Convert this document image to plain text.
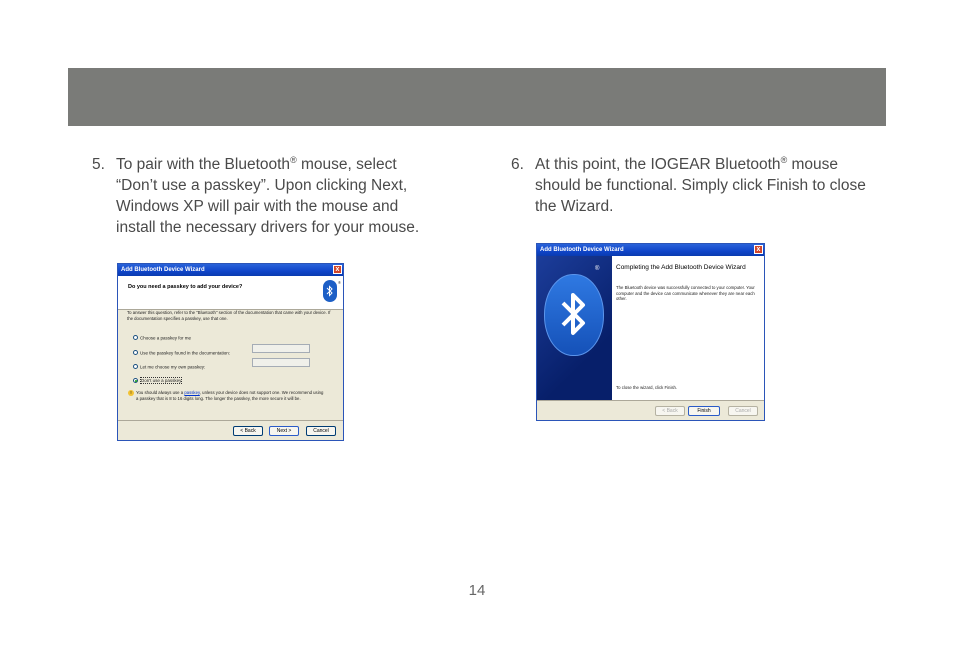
5. To pair with the Bluetooth® mouse, select “Don’t use a passkey”. Upon clicking Next, Windows XP will pair with the mouse and install the necessary drivers for your mouse.
6. At this point, the IOGEAR Bluetooth® mouse should be functional. Simply click Finish to close the Wizard.
Add Bluetooth Device Wizard	x
Do you need a passkey to add your device?
®
To answer this question, refer to the "Bluetooth" section of the documentation that came with your device. If the documentation specifies a passkey, use that one.
Choose a passkey for me
Use the passkey found in the documentation:
Let me choose my own passkey:
Don't use a passkey
! You should always use a passkey, unless your device does not support one. We recommend using a passkey that is 8 to 16 digits long. The longer the passkey, the more secure it will be.
< Back	Next >	Cancel
Add Bluetooth Device Wizard	x
®	Completing the Add Bluetooth Device Wizard
The Bluetooth device was successfully connected to your computer. Your computer and the device can communicate whenever they are near each other.
To close the wizard, click Finish.
< Back	Finish	Cancel
14
